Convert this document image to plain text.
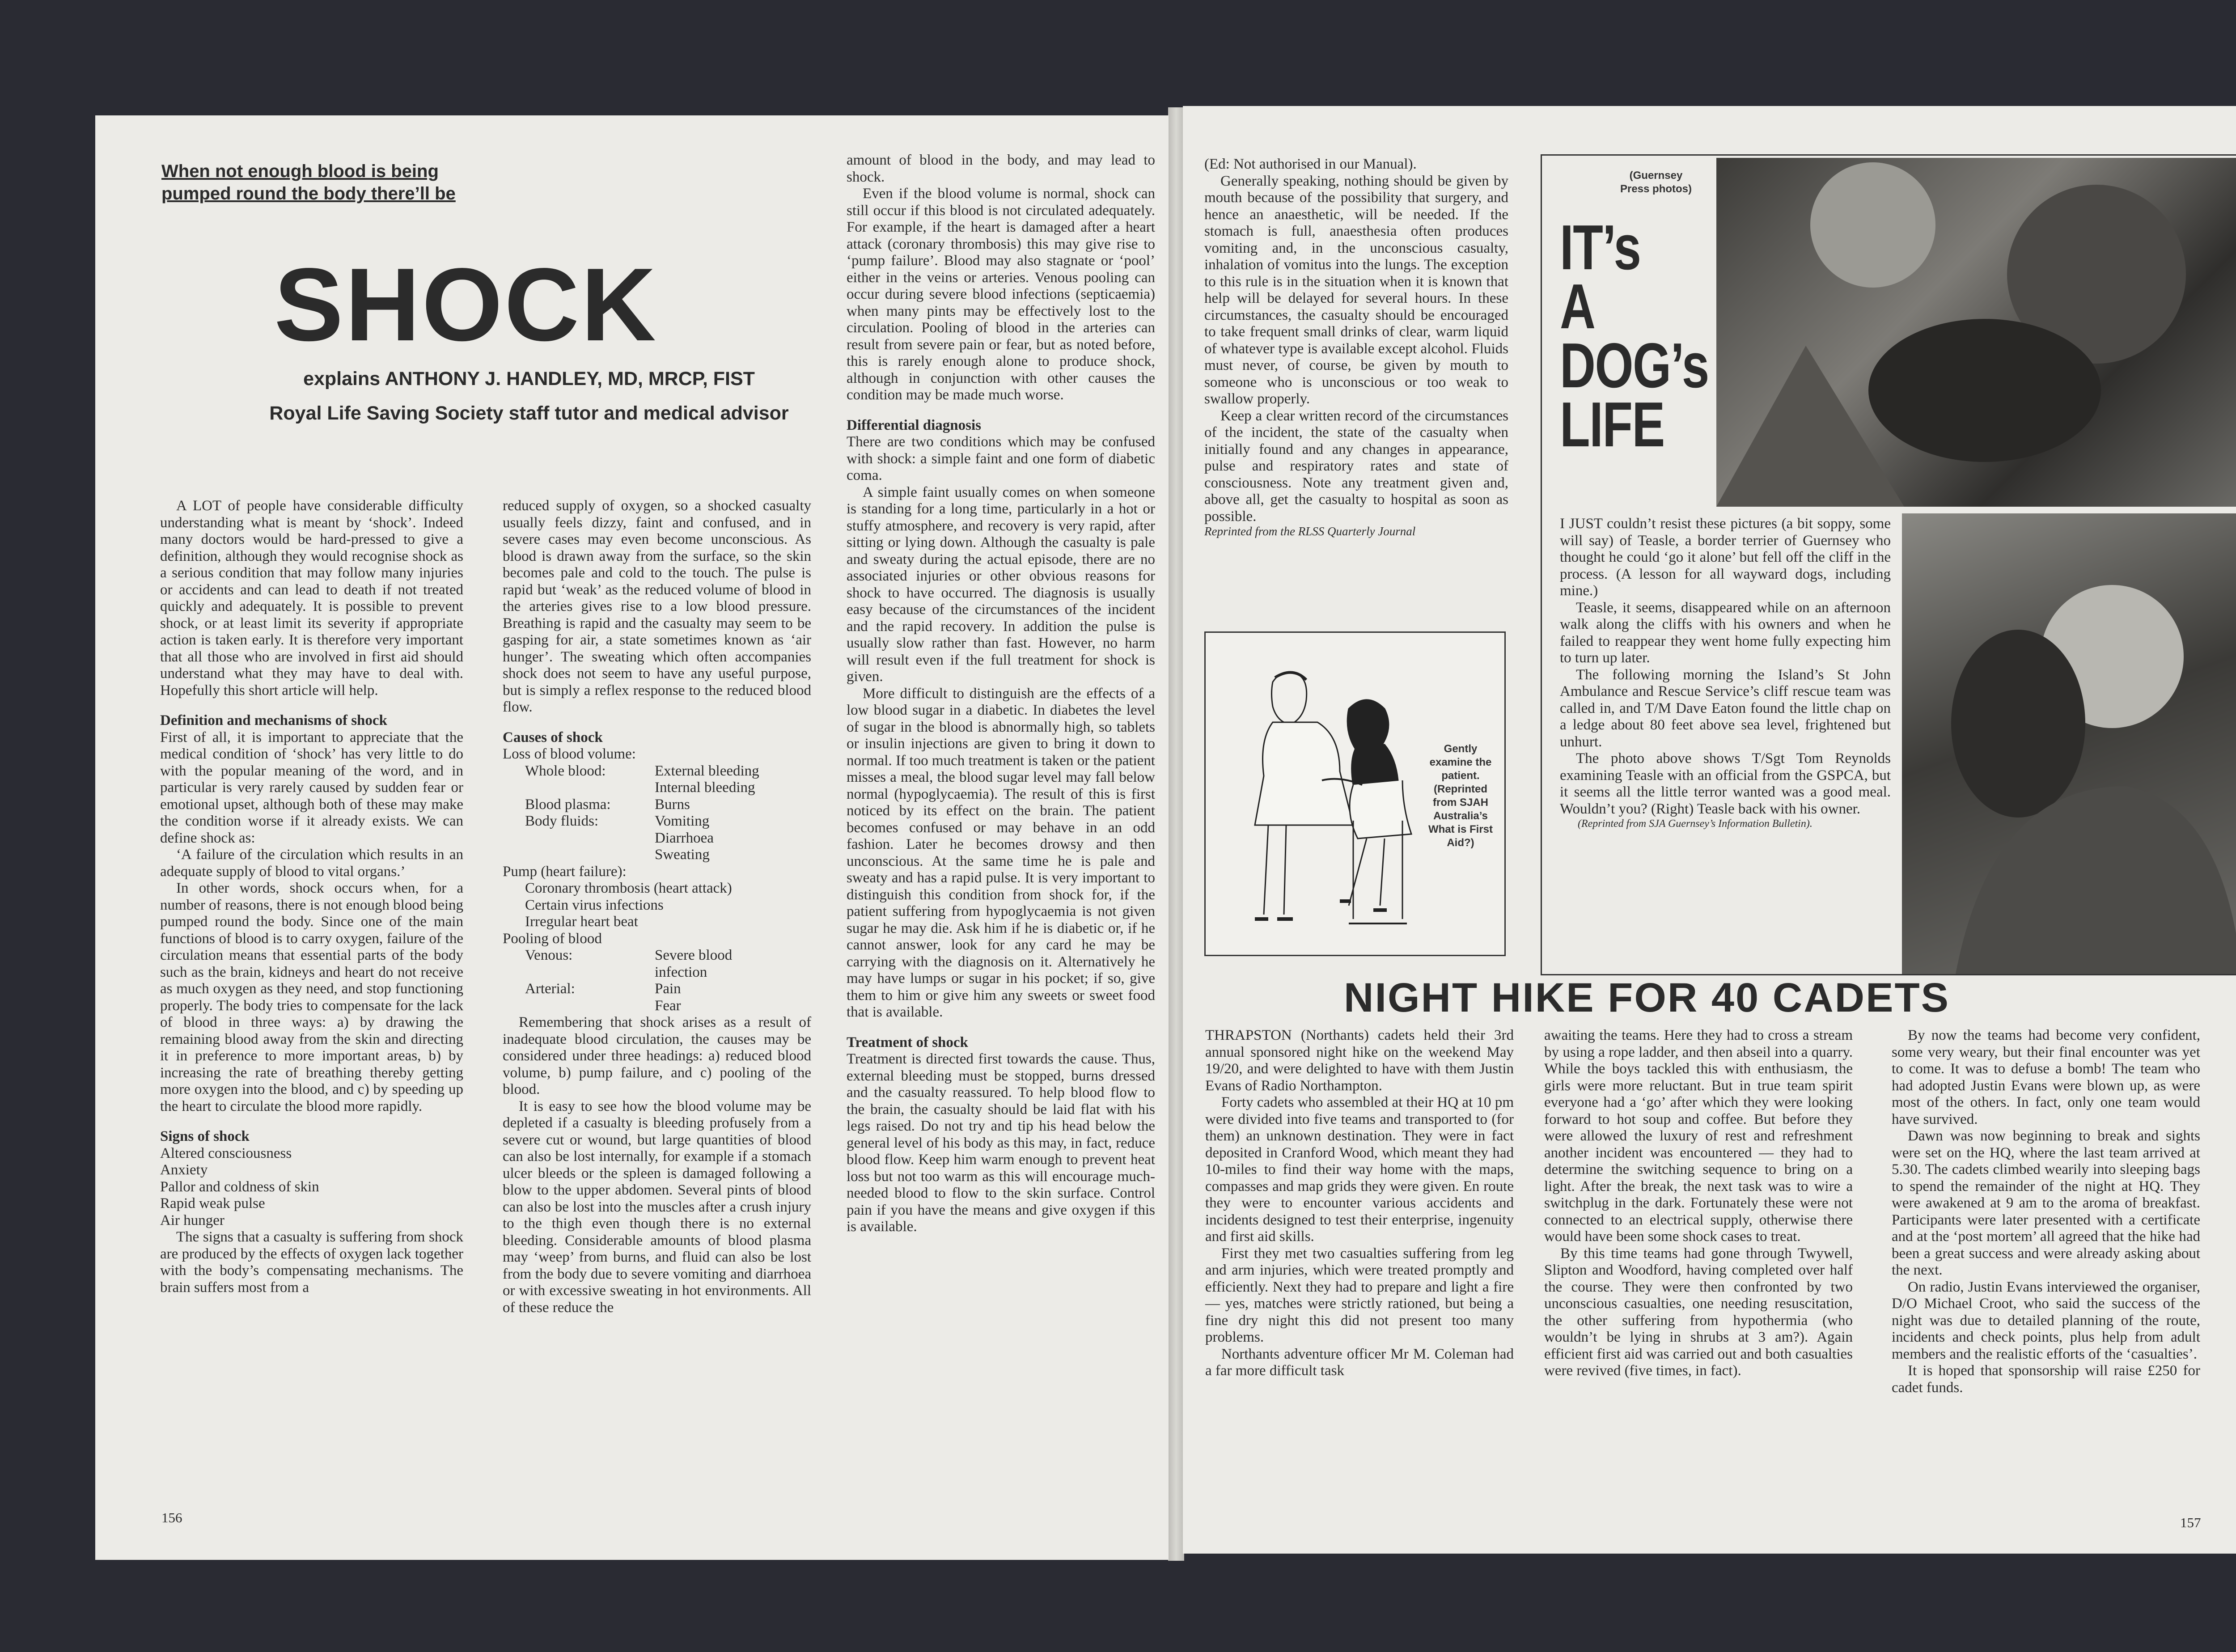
When not enough blood is being
pumped round the body there’ll be
SHOCK
explains ANTHONY J. HANDLEY, MD, MRCP, FIST
Royal Life Saving Society staff tutor and medical advisor

A LOT of people have considerable difficulty understanding what is meant by ‘shock’. Indeed many doctors would be hard-pressed to give a definition, although they would recognise shock as a serious condition that may follow many injuries or accidents and can lead to death if not treated quickly and adequately. It is possible to prevent shock, or at least limit its severity if appropriate action is taken early. It is therefore very important that all those who are involved in first aid should understand what they may have to deal with. Hopefully this short article will help.

Definition and mechanisms of shock

First of all, it is important to appreciate that the medical condition of ‘shock’ has very little to do with the popular meaning of the word, and in particular is very rarely caused by sudden fear or emotional upset, although both of these may make the condition worse if it already exists. We can define shock as:

‘A failure of the circulation which results in an adequate supply of blood to vital organs.’

In other words, shock occurs when, for a number of reasons, there is not enough blood being pumped round the body. Since one of the main functions of blood is to carry oxygen, failure of the circulation means that essential parts of the body such as the brain, kidneys and heart do not receive as much oxygen as they need, and stop functioning properly. The body tries to compensate for the lack of blood in three ways: a) by drawing the remaining blood away from the skin and directing it in preference to more important areas, b) by increasing the rate of breathing thereby getting more oxygen into the blood, and c) by speeding up the heart to circulate the blood more rapidly.

Signs of shock
Altered consciousness
Anxiety
Pallor and coldness of skin
Rapid weak pulse
Air hunger

The signs that a casualty is suffering from shock are produced by the effects of oxygen lack together with the body’s compensating mechanisms. The brain suffers most from a

reduced supply of oxygen, so a shocked casualty usually feels dizzy, faint and confused, and in severe cases may even become unconscious. As blood is drawn away from the surface, so the skin becomes pale and cold to the touch. The pulse is rapid but ‘weak’ as the reduced volume of blood in the arteries gives rise to a low blood pressure. Breathing is rapid and the casualty may seem to be gasping for air, a state sometimes known as ‘air hunger’. The sweating which often accompanies shock does not seem to have any useful purpose, but is simply a reflex response to the reduced blood flow.

Causes of shock
Loss of blood volume:
Whole blood:	External bleeding
	Internal bleeding
Blood plasma:	Burns
Body fluids:	Vomiting
	Diarrhoea
	Sweating
Pump (heart failure):
Coronary thrombosis (heart attack)
Certain virus infections
Irregular heart beat
Pooling of blood
Venous:	Severe blood
	infection
Arterial:	Pain
	Fear

Remembering that shock arises as a result of inadequate blood circulation, the causes may be considered under three headings: a) reduced blood volume, b) pump failure, and c) pooling of the blood.

It is easy to see how the blood volume may be depleted if a casualty is bleeding profusely from a severe cut or wound, but large quantities of blood can also be lost internally, for example if a stomach ulcer bleeds or the spleen is damaged following a blow to the upper abdomen. Several pints of blood can also be lost into the muscles after a crush injury to the thigh even though there is no external bleeding. Considerable amounts of blood plasma may ‘weep’ from burns, and fluid can also be lost from the body due to severe vomiting and diarrhoea or with excessive sweating in hot environments. All of these reduce the

amount of blood in the body, and may lead to shock.

Even if the blood volume is normal, shock can still occur if this blood is not circulated adequately. For example, if the heart is damaged after a heart attack (coronary thrombosis) this may give rise to ‘pump failure’. Blood may also stagnate or ‘pool’ either in the veins or arteries. Venous pooling can occur during severe blood infections (septicaemia) when many pints may be effectively lost to the circulation. Pooling of blood in the arteries can result from severe pain or fear, but as noted before, this is rarely enough alone to produce shock, although in conjunction with other causes the condition may be made much worse.

Differential diagnosis

There are two conditions which may be confused with shock: a simple faint and one form of diabetic coma.

A simple faint usually comes on when someone is standing for a long time, particularly in a hot or stuffy atmosphere, and recovery is very rapid, after sitting or lying down. Although the casualty is pale and sweaty during the actual episode, there are no associated injuries or other obvious reasons for shock to have occurred. The diagnosis is usually easy because of the circumstances of the incident and the rapid recovery. In addition the pulse is usually slow rather than fast. However, no harm will result even if the full treatment for shock is given.

More difficult to distinguish are the effects of a low blood sugar in a diabetic. In diabetes the level of sugar in the blood is abnormally high, so tablets or insulin injections are given to bring it down to normal. If too much treatment is taken or the patient misses a meal, the blood sugar level may fall below normal (hypoglycaemia). The result of this is first noticed by its effect on the brain. The patient becomes confused or may behave in an odd fashion. Later he becomes drowsy and then unconscious. At the same time he is pale and sweaty and has a rapid pulse. It is very important to distinguish this condition from shock for, if the patient suffering from hypoglycaemia is not given sugar he may die. Ask him if he is diabetic or, if he cannot answer, look for any card he may be carrying with the diagnosis on it. Alternatively he may have lumps or sugar in his pocket; if so, give them to him or give him any sweets or sweet food that is available.

Treatment of shock

Treatment is directed first towards the cause. Thus, external bleeding must be stopped, burns dressed and the casualty reassured. To help blood flow to the brain, the casualty should be laid flat with his legs raised. Do not try and tip his head below the general level of his body as this may, in fact, reduce blood flow. Keep him warm enough to prevent heat loss but not too warm as this will encourage much-needed blood to flow to the skin surface. Control pain if you have the means and give oxygen if this is available.

156

(Ed: Not authorised in our Manual).

Generally speaking, nothing should be given by mouth because of the possibility that surgery, and hence an anaesthetic, will be needed. If the stomach is full, anaesthesia often produces vomiting and, in the unconscious casualty, inhalation of vomitus into the lungs. The exception to this rule is in the situation when it is known that help will be delayed for several hours. In these circumstances, the casualty should be encouraged to take frequent small drinks of clear, warm liquid of whatever type is available except alcohol. Fluids must never, of course, be given by mouth to someone who is unconscious or too weak to swallow properly.

Keep a clear written record of the circumstances of the incident, the state of the casualty when initially found and any changes in appearance, pulse and respiratory rates and state of consciousness. Note any treatment given and, above all, get the casualty to hospital as soon as possible.

Reprinted from the RLSS Quarterly Journal

Gently examine the patient. (Reprinted from SJAH Australia’s What is First Aid?)
(Guernsey Press photos)
IT’s
A
DOG’s
LIFE

I JUST couldn’t resist these pictures (a bit soppy, some will say) of Teasle, a border terrier of Guernsey who thought he could ‘go it alone’ but fell off the cliff in the process. (A lesson for all wayward dogs, including mine.)

Teasle, it seems, disappeared while on an afternoon walk along the cliffs with his owners and when he failed to reappear they went home fully expecting him to turn up later.

The following morning the Island’s St John Ambulance and Rescue Service’s cliff rescue team was called in, and T/M Dave Eaton found the little chap on a ledge about 80 feet above sea level, frightened but unhurt.

The photo above shows T/Sgt Tom Reynolds examining Teasle with an official from the GSPCA, but it seems all the little terror wanted was a good meal. Wouldn’t you? (Right) Teasle back with his owner.

(Reprinted from SJA Guernsey’s Information Bulletin).

NIGHT HIKE FOR 40 CADETS

THRAPSTON (Northants) cadets held their 3rd annual sponsored night hike on the weekend May 19/20, and were delighted to have with them Justin Evans of Radio Northampton.

Forty cadets who assembled at their HQ at 10 pm were divided into five teams and transported to (for them) an unknown destination. They were in fact deposited in Cranford Wood, which meant they had 10-miles to find their way home with the maps, compasses and map grids they were given. En route they were to encounter various accidents and incidents designed to test their enterprise, ingenuity and first aid skills.

First they met two casualties suffering from leg and arm injuries, which were treated promptly and efficiently. Next they had to prepare and light a fire — yes, matches were strictly rationed, but being a fine dry night this did not present too many problems.

Northants adventure officer Mr M. Coleman had a far more difficult task

awaiting the teams. Here they had to cross a stream by using a rope ladder, and then abseil into a quarry. While the boys tackled this with enthusiasm, the girls were more reluctant. But in true team spirit everyone had a ‘go’ after which they were looking forward to hot soup and coffee. But before they were allowed the luxury of rest and refreshment another incident was encountered — they had to determine the switching sequence to bring on a light. After the break, the next task was to wire a switchplug in the dark. Fortunately these were not connected to an electrical supply, otherwise there would have been some shock cases to treat.

By this time teams had gone through Twywell, Slipton and Woodford, having completed over half the course. They were then confronted by two unconscious casualties, one needing resuscitation, the other suffering from hypothermia (who wouldn’t be lying in shrubs at 3 am?). Again efficient first aid was carried out and both casualties were revived (five times, in fact).

By now the teams had become very confident, some very weary, but their final encounter was yet to come. It was to defuse a bomb! The team who had adopted Justin Evans were blown up, as were most of the others. In fact, only one team would have survived.

Dawn was now beginning to break and sights were set on the HQ, where the last team arrived at 5.30. The cadets climbed wearily into sleeping bags to spend the remainder of the night at HQ. They were awakened at 9 am to the aroma of breakfast. Participants were later presented with a certificate and at the ‘post mortem’ all agreed that the hike had been a great success and were already asking about the next.

On radio, Justin Evans interviewed the organiser, D/O Michael Croot, who said the success of the night was due to detailed planning of the route, incidents and check points, plus help from adult members and the realistic efforts of the ‘casualties’.

It is hoped that sponsorship will raise £250 for cadet funds.

157
